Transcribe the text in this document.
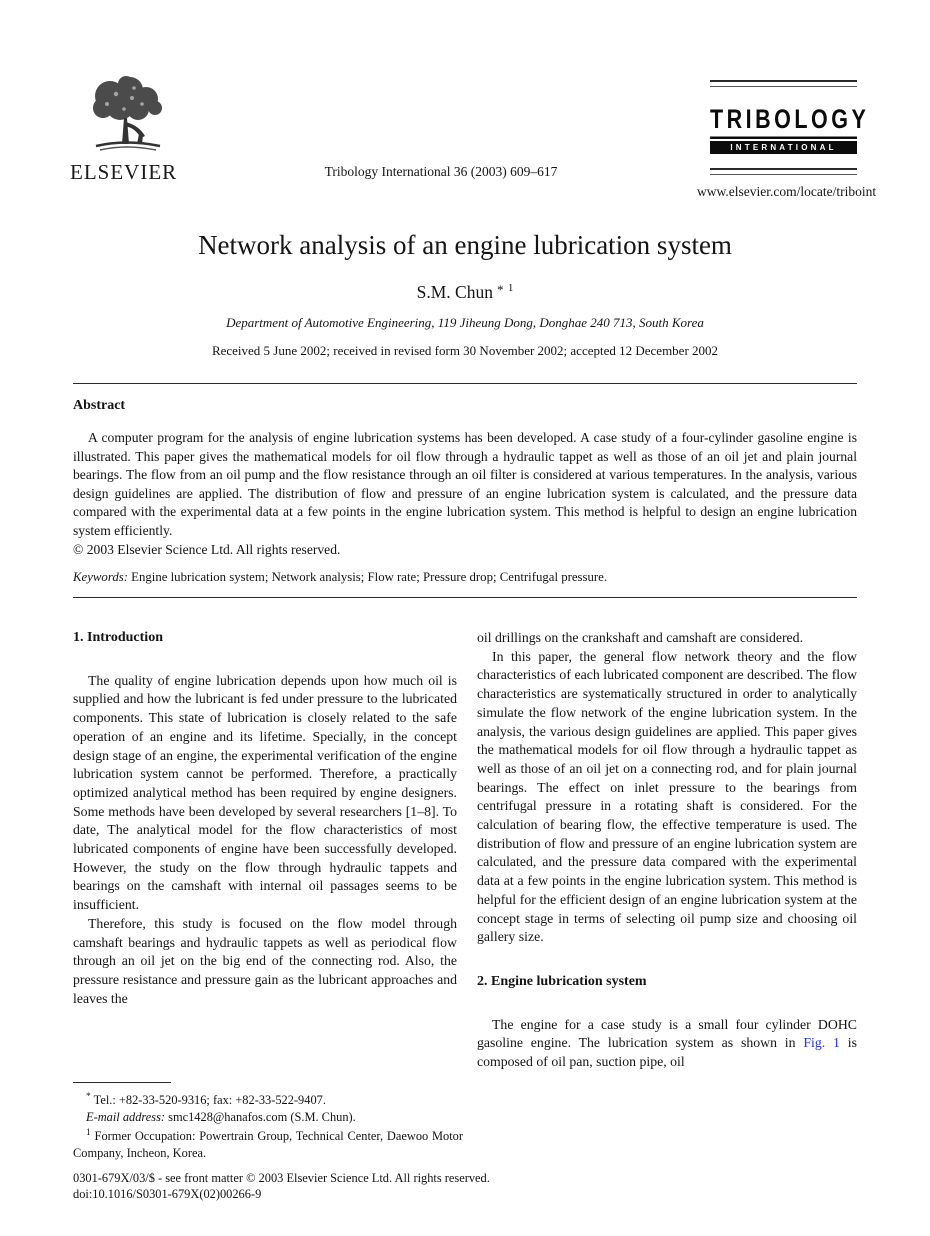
ELSEVIER	Tribology International 36 (2003) 609–617
TRIBOLOGY
INTERNATIONAL
www.elsevier.com/locate/triboint
Network analysis of an engine lubrication system
S.M. Chun * $^1$
Department of Automotive Engineering, 119 Jiheung Dong, Donghae 240 713, South Korea
Received 5 June 2002; received in revised form 30 November 2002; accepted 12 December 2002
Abstract
A computer program for the analysis of engine lubrication systems has been developed. A case study of a four-cylinder gasoline engine is illustrated. This paper gives the mathematical models for oil flow through a hydraulic tappet as well as those of an oil jet and plain journal bearings. The flow from an oil pump and the flow resistance through an oil filter is considered at various temperatures. In the analysis, various design guidelines are applied. The distribution of flow and pressure of an engine lubrication system is calculated, and the pressure data compared with the experimental data at a few points in the engine lubrication system. This method is helpful to design an engine lubrication system efficiently.
© 2003 Elsevier Science Ltd. All rights reserved.
Keywords: Engine lubrication system; Network analysis; Flow rate; Pressure drop; Centrifugal pressure.
1. Introduction

The quality of engine lubrication depends upon how much oil is supplied and how the lubricant is fed under pressure to the lubricated components. This state of lubrication is closely related to the safe operation of an engine and its lifetime. Specially, in the concept design stage of an engine, the experimental verification of the engine lubrication system cannot be performed. Therefore, a practically optimized analytical method has been required by engine designers. Some methods have been developed by several researchers [1–8]. To date, The analytical model for the flow characteristics of most lubricated components of engine have been successfully developed. However, the study on the flow through hydraulic tappets and bearings on the camshaft with internal oil passages seems to be insufficient.

Therefore, this study is focused on the flow model through camshaft bearings and hydraulic tappets as well as periodical flow through an oil jet on the big end of the connecting rod. Also, the pressure resistance and pressure gain as the lubricant approaches and leaves the

oil drillings on the crankshaft and camshaft are considered.

In this paper, the general flow network theory and the flow characteristics of each lubricated component are described. The flow characteristics are systematically structured in order to analytically simulate the flow network of the engine lubrication system. In the analysis, the various design guidelines are applied. This paper gives the mathematical models for oil flow through a hydraulic tappet as well as those of an oil jet on a connecting rod, and for plain journal bearings. The effect on inlet pressure to the bearings from centrifugal pressure in a rotating shaft is considered. For the calculation of bearing flow, the effective temperature is used. The distribution of flow and pressure of an engine lubrication system are calculated, and the pressure data compared with the experimental data at a few points in the engine lubrication system. This method is helpful for the efficient design of an engine lubrication system at the concept stage in terms of selecting oil pump size and choosing oil gallery size.

2. Engine lubrication system

The engine for a case study is a small four cylinder DOHC gasoline engine. The lubrication system as shown in Fig. 1 is composed of oil pan, suction pipe, oil

* Tel.: +82-33-520-9316; fax: +82-33-522-9407.

E-mail address: smc1428@hanafos.com (S.M. Chun).

$^1$ Former Occupation: Powertrain Group, Technical Center, Daewoo Motor Company, Incheon, Korea.

0301-679X/03/$ - see front matter © 2003 Elsevier Science Ltd. All rights reserved.
doi:10.1016/S0301-679X(02)00266-9
